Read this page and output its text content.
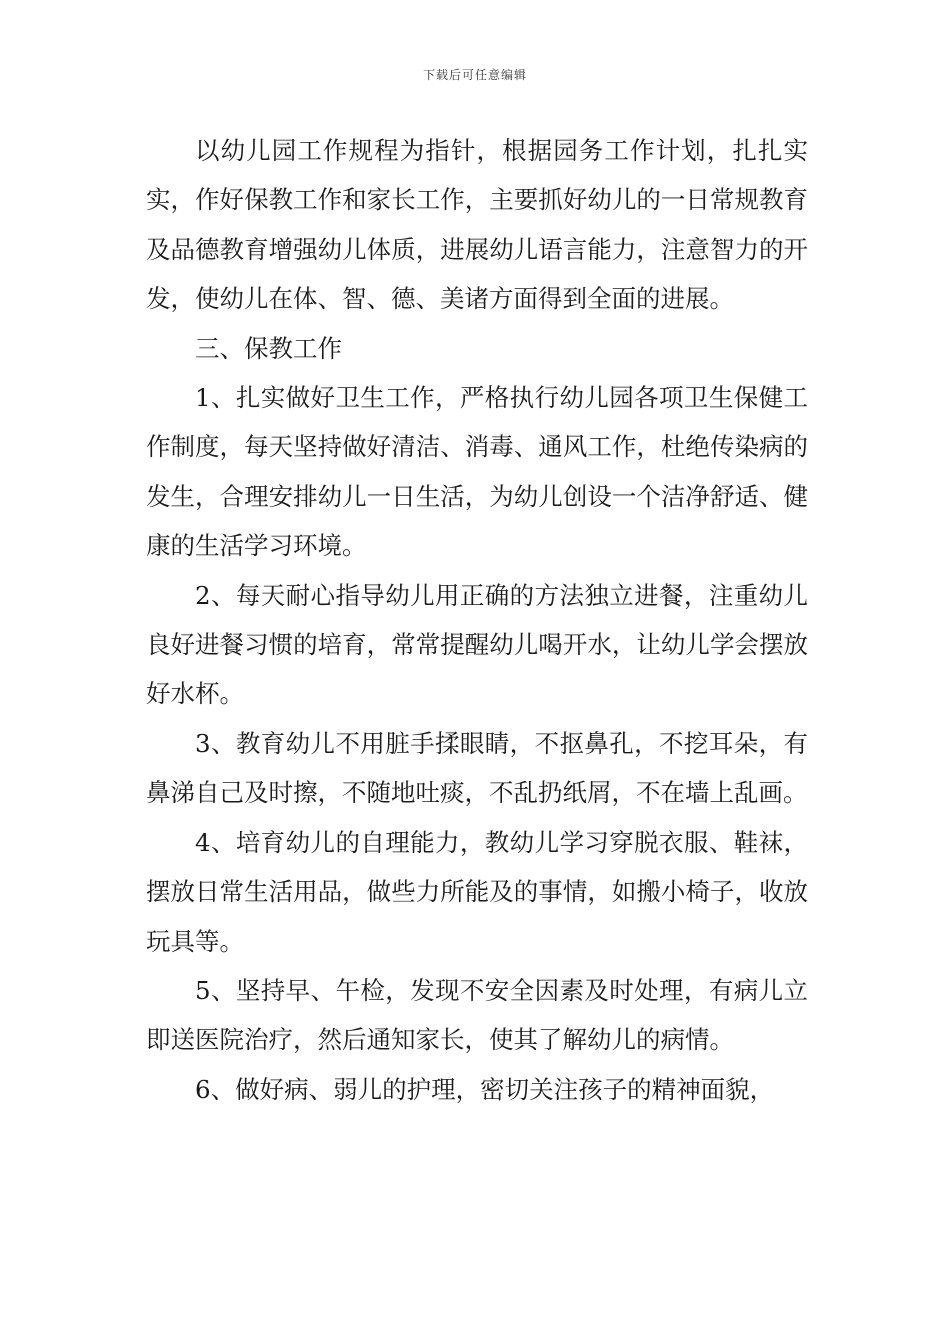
下载后可任意编辑

以幼儿园工作规程为指针，根据园务工作计划，扎扎实实，作好保教工作和家长工作，主要抓好幼儿的一日常规教育及品德教育增强幼儿体质，进展幼儿语言能力，注意智力的开发，使幼儿在体、智、德、美诸方面得到全面的进展。

三、保教工作

1、扎实做好卫生工作，严格执行幼儿园各项卫生保健工作制度，每天坚持做好清洁、消毒、通风工作，杜绝传染病的发生，合理安排幼儿一日生活，为幼儿创设一个洁净舒适、健康的生活学习环境。

2、每天耐心指导幼儿用正确的方法独立进餐，注重幼儿良好进餐习惯的培育，常常提醒幼儿喝开水，让幼儿学会摆放好水杯。

3、教育幼儿不用脏手揉眼睛，不抠鼻孔，不挖耳朵，有鼻涕自己及时擦，不随地吐痰，不乱扔纸屑，不在墙上乱画。

4、培育幼儿的自理能力，教幼儿学习穿脱衣服、鞋袜，摆放日常生活用品，做些力所能及的事情，如搬小椅子，收放玩具等。

5、坚持早、午检，发现不安全因素及时处理，有病儿立即送医院治疗，然后通知家长，使其了解幼儿的病情。

6、做好病、弱儿的护理，密切关注孩子的精神面貌，
